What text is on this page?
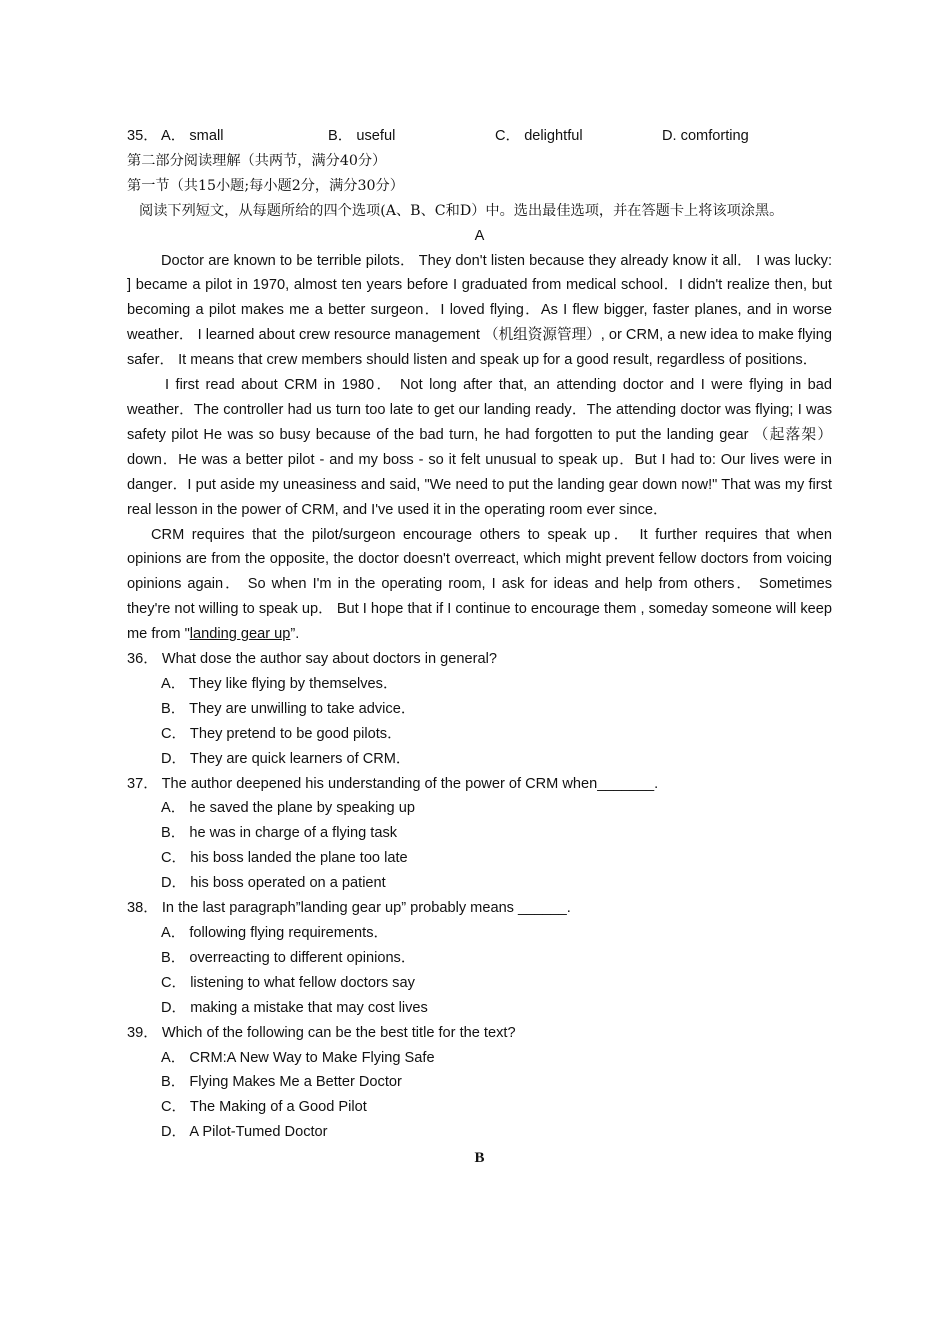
35． A． small	B． useful	C． delightful	D. comforting
第二部分阅读理解（共两节，满分40分）
第一节（共15小题;每小题2分，满分30分）
阅读下列短文，从每题所给的四个选项(A、B、C和D）中。选出最佳选项，并在答题卡上将该项涂黑。
A
Doctor are known to be terrible pilots． They don't listen because they already know it all． I was lucky: ] became a pilot in 1970, almost ten years before I graduated from medical school．I didn't realize then, but becoming a pilot makes me a better surgeon．I loved flying．As I flew bigger, faster planes, and in worse weather． I learned about crew resource management （机组资源管理）, or CRM, a new idea to make flying safer． It means that crew members should listen and speak up for a good result, regardless of positions．
I first read about CRM in 1980． Not long after that, an attending doctor and I were flying in bad weather．The controller had us turn too late to get our landing ready．The attending doctor was flying; I was safety pilot He was so busy because of the bad turn, he had forgotten to put the landing gear （起落架）down．He was a better pilot - and my boss - so it felt unusual to speak up．But I had to: Our lives were in danger．I put aside my uneasiness and said, "We need to put the landing gear down now!" That was my first real lesson in the power of CRM, and I've used it in the operating room ever since．
CRM requires that the pilot/surgeon encourage others to speak up． It further requires that when opinions are from the opposite, the doctor doesn't overreact, which might prevent fellow doctors from voicing opinions again． So when I'm in the operating room, I ask for ideas and help from others． Sometimes they're not willing to speak up． But I hope that if I continue to encourage them , someday someone will keep me from "landing gear up”.
36． What dose the author say about doctors in general?
A． They like flying by themselves．
B． They are unwilling to take advice．
C． They pretend to be good pilots．
D． They are quick learners of CRM．
37． The author deepened his understanding of the power of CRM when_______.
A． he saved the plane by speaking up
B． he was in charge of a flying task
C． his boss landed the plane too late
D． his boss operated on a patient
38． In the last paragraph”landing gear up” probably means ______.
A． following flying requirements．
B． overreacting to different opinions．
C． listening to what fellow doctors say
D． making a mistake that may cost lives
39． Which of the following can be the best title for the text?
A． CRM:A New Way to Make Flying Safe
B． Flying Makes Me a Better Doctor
C． The Making of a Good Pilot
D． A Pilot-Tumed Doctor
B
